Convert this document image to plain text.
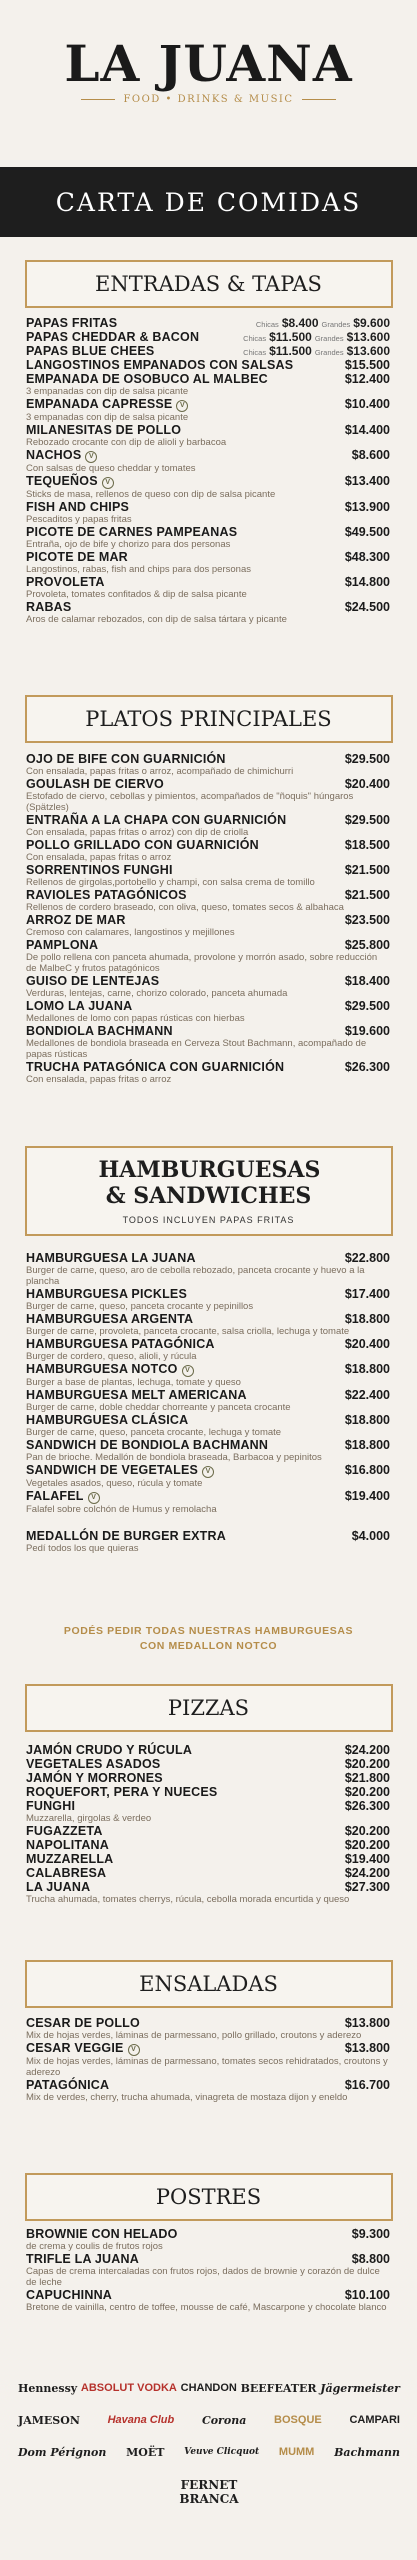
LA JUANA
FOOD • DRINKS & MUSIC
CARTA DE COMIDAS
ENTRADAS & TAPAS
PAPAS FRITAS	Chicas $8.400 Grandes $9.600
PAPAS CHEDDAR & BACON	Chicas $11.500 Grandes $13.600
PAPAS BLUE CHEES	Chicas $11.500 Grandes $13.600
LANGOSTINOS EMPANADOS CON SALSAS	$15.500
EMPANADA DE OSOBUCO AL MALBEC	$12.400
3 empanadas con dip de salsa picante
EMPANADA CAPRESSE V	$10.400
3 empanadas con dip de salsa picante
MILANESITAS DE POLLO	$14.400
Rebozado crocante con dip de alioli y barbacoa
NACHOS V	$8.600
Con salsas de queso cheddar y tomates
TEQUEÑOS V	$13.400
Sticks de masa, rellenos de queso con dip de salsa picante
FISH AND CHIPS	$13.900
Pescaditos y papas fritas
PICOTE DE CARNES PAMPEANAS	$49.500
Entraña, ojo de bife y chorizo para dos personas
PICOTE DE MAR	$48.300
Langostinos, rabas, fish and chips para dos personas
PROVOLETA	$14.800
Provoleta, tomates confitados & dip de salsa picante
RABAS	$24.500
Aros de calamar rebozados, con dip de salsa tártara y picante
PLATOS PRINCIPALES
OJO DE BIFE CON GUARNICIÓN	$29.500
Con ensalada, papas fritas o arroz, acompañado de chimichurri
GOULASH DE CIERVO	$20.400
Estofado de ciervo, cebollas y pimientos, acompañados de "ñoquis" húngaros (Spätzles)
ENTRAÑA A LA CHAPA CON GUARNICIÓN	$29.500
Con ensalada, papas fritas o arroz) con dip de criolla
POLLO GRILLADO CON GUARNICIÓN	$18.500
Con ensalada, papas fritas o arroz
SORRENTINOS FUNGHI	$21.500
Rellenos de girgolas,portobello y champi, con salsa crema de tomillo
RAVIOLES PATAGÓNICOS	$21.500
Rellenos de cordero braseado, con oliva, queso, tomates secos & albahaca
ARROZ DE MAR	$23.500
Cremoso con calamares, langostinos y mejillones
PAMPLONA	$25.800
De pollo rellena con panceta ahumada, provolone y morrón asado, sobre reducción de MalbeC y frutos patagónicos
GUISO DE LENTEJAS	$18.400
Verduras, lentejas, carne, chorizo colorado, panceta ahumada
LOMO LA JUANA	$29.500
Medallones de lomo con papas rústicas con hierbas
BONDIOLA BACHMANN	$19.600
Medallones de bondiola braseada en Cerveza Stout Bachmann, acompañado de papas rústicas
TRUCHA PATAGÓNICA CON GUARNICIÓN	$26.300
Con ensalada, papas fritas o arroz
HAMBURGUESAS & SANDWICHES
TODOS INCLUYEN PAPAS FRITAS
HAMBURGUESA LA JUANA	$22.800
Burger de carne, queso, aro de cebolla rebozado, panceta crocante y huevo a la plancha
HAMBURGUESA PICKLES	$17.400
Burger de carne, queso, panceta crocante y pepinillos
HAMBURGUESA ARGENTA	$18.800
Burger de carne, provoleta, panceta crocante, salsa criolla, lechuga y tomate
HAMBURGUESA PATAGÓNICA	$20.400
Burger de cordero, queso, alioli, y rúcula
HAMBURGUESA NOTCO V	$18.800
Burger a base de plantas, lechuga, tomate y queso
HAMBURGUESA MELT AMERICANA	$22.400
Burger de carne, doble cheddar chorreante y panceta crocante
HAMBURGUESA CLÁSICA	$18.800
Burger de carne, queso, panceta crocante, lechuga y tomate
SANDWICH DE BONDIOLA BACHMANN	$18.800
Pan de brioche. Medallón de bondiola braseada, Barbacoa y pepinitos
SANDWICH DE VEGETALES V	$16.800
Vegetales asados, queso, rúcula y tomate
FALAFEL V	$19.400
Falafel sobre colchón de Humus y remolacha
MEDALLÓN DE BURGER EXTRA	$4.000
Pedí todos los que quieras
PODÉS PEDIR TODAS NUESTRAS HAMBURGUESAS
CON MEDALLON NOTCO
PIZZAS
JAMÓN CRUDO Y RÚCULA	$24.200
VEGETALES ASADOS	$20.200
JAMÓN Y MORRONES	$21.800
ROQUEFORT, PERA Y NUECES	$20.200
FUNGHI	$26.300
Muzzarella, girgolas & verdeo
FUGAZZETA	$20.200
NAPOLITANA	$20.200
MUZZARELLA	$19.400
CALABRESA	$24.200
LA JUANA	$27.300
Trucha ahumada, tomates cherrys, rúcula, cebolla morada encurtida y queso
ENSALADAS
CESAR DE POLLO	$13.800
Mix de hojas verdes, láminas de parmessano, pollo grillado, croutons y aderezo
CESAR VEGGIE V	$13.800
Mix de hojas verdes, láminas de parmessano, tomates secos rehidratados, croutons y aderezo
PATAGÓNICA	$16.700
Mix de verdes, cherry, trucha ahumada, vinagreta de mostaza dijon y eneldo
POSTRES
BROWNIE CON HELADO	$9.300
de crema y coulis de frutos rojos
TRIFLE LA JUANA	$8.800
Capas de crema intercaladas con frutos rojos, dados de brownie y corazón de dulce de leche
CAPUCHINNA	$10.100
Bretone de vainilla, centro de toffee, mousse de café, Mascarpone y chocolate blanco
Hennessy ABSOLUT VODKA CHANDON BEEFEATER Jägermeister
JAMESON	Havana Club	Corona	BOSQUE	CAMPARI
Dom Pérignon MOËT Veuve Clicquot MUMM Bachmann
FERNET
BRANCA
